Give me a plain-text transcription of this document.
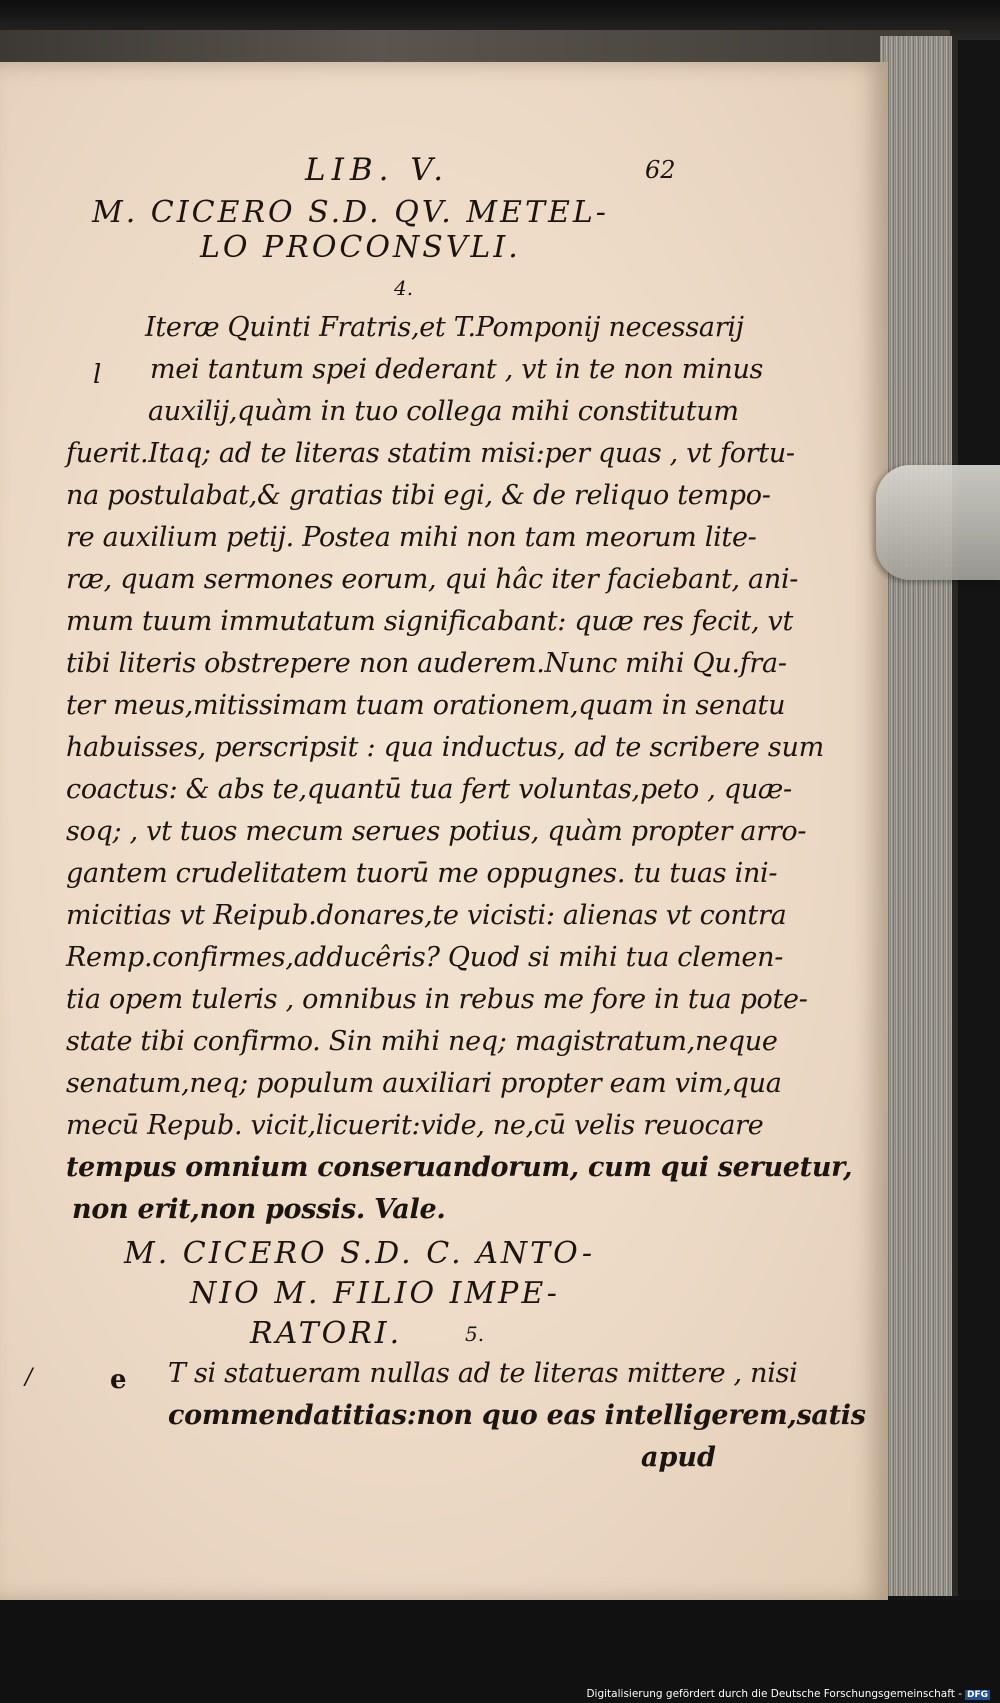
LIB. V.	62
M. CICERO S.D. QV. METEL-
LO PROCONSVLI.
4.
l
Iteræ Quinti Fratris,et T.Pomponij necessarij
mei tantum spei dederant , vt in te non minus
auxilij,quàm in tuo collega mihi constitutum
fuerit.Itaq; ad te literas statim misi:per quas , vt fortu-
na postulabat,& gratias tibi egi, & de reliquo tempo-
re auxilium petij. Postea mihi non tam meorum lite-
ræ, quam sermones eorum, qui hâc iter faciebant, ani-
mum tuum immutatum significabant: quæ res fecit, vt
tibi literis obstrepere non auderem.Nunc mihi Qu.fra-
ter meus,mitissimam tuam orationem,quam in senatu
habuisses, perscripsit : qua inductus, ad te scribere sum
coactus: & abs te,quantū tua fert voluntas,peto , quæ-
soq; , vt tuos mecum serues potius, quàm propter arro-
gantem crudelitatem tuorū me oppugnes. tu tuas ini-
micitias vt Reipub.donares,te vicisti: alienas vt contra
Remp.confirmes,adducêris? Quod si mihi tua clemen-
tia opem tuleris , omnibus in rebus me fore in tua pote-
state tibi confirmo. Sin mihi neq; magistratum,neque
senatum,neq; populum auxiliari propter eam vim,qua
mecū Repub. vicit,licuerit:vide, ne,cū velis reuocare
tempus omnium conseruandorum, cum qui seruetur,
non erit,non possis. Vale.
M. CICERO S.D. C. ANTO-
NIO M. FILIO IMPE-
RATORI.	5.
/	e T si statueram nullas ad te literas mittere , nisi
commendatitias:non quo eas intelligerem,satis
apud
Digitalisierung gefördert durch die Deutsche Forschungsgemeinschaft - DFG
